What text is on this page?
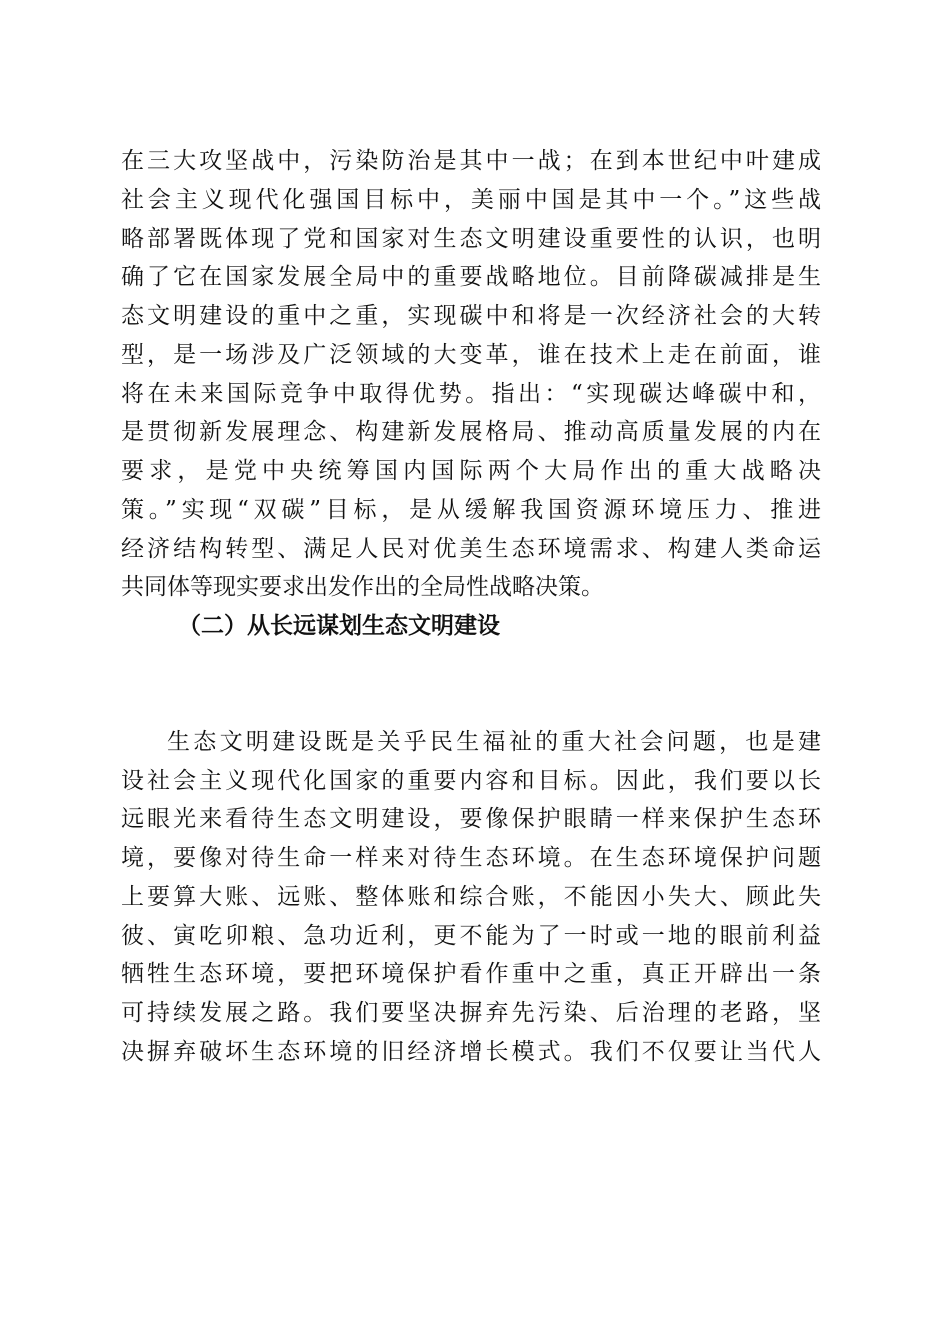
在三大攻坚战中，污染防治是其中一战；在到本世纪中叶建成
社会主义现代化强国目标中，美丽中国是其中一个。”这些战
略部署既体现了党和国家对生态文明建设重要性的认识，也明
确了它在国家发展全局中的重要战略地位。目前降碳减排是生
态文明建设的重中之重，实现碳中和将是一次经济社会的大转
型，是一场涉及广泛领域的大变革，谁在技术上走在前面，谁
将在未来国际竞争中取得优势。指出：“实现碳达峰碳中和，
是贯彻新发展理念、构建新发展格局、推动高质量发展的内在
要求，是党中央统筹国内国际两个大局作出的重大战略决
策。”实现“双碳”目标，是从缓解我国资源环境压力、推进
经济结构转型、满足人民对优美生态环境需求、构建人类命运
共同体等现实要求出发作出的全局性战略决策。
（二）从长远谋划生态文明建设
生态文明建设既是关乎民生福祉的重大社会问题，也是建
设社会主义现代化国家的重要内容和目标。因此，我们要以长
远眼光来看待生态文明建设，要像保护眼睛一样来保护生态环
境，要像对待生命一样来对待生态环境。在生态环境保护问题
上要算大账、远账、整体账和综合账，不能因小失大、顾此失
彼、寅吃卯粮、急功近利，更不能为了一时或一地的眼前利益
牺牲生态环境，要把环境保护看作重中之重，真正开辟出一条
可持续发展之路。我们要坚决摒弃先污染、后治理的老路，坚
决摒弃破坏生态环境的旧经济增长模式。我们不仅要让当代人
